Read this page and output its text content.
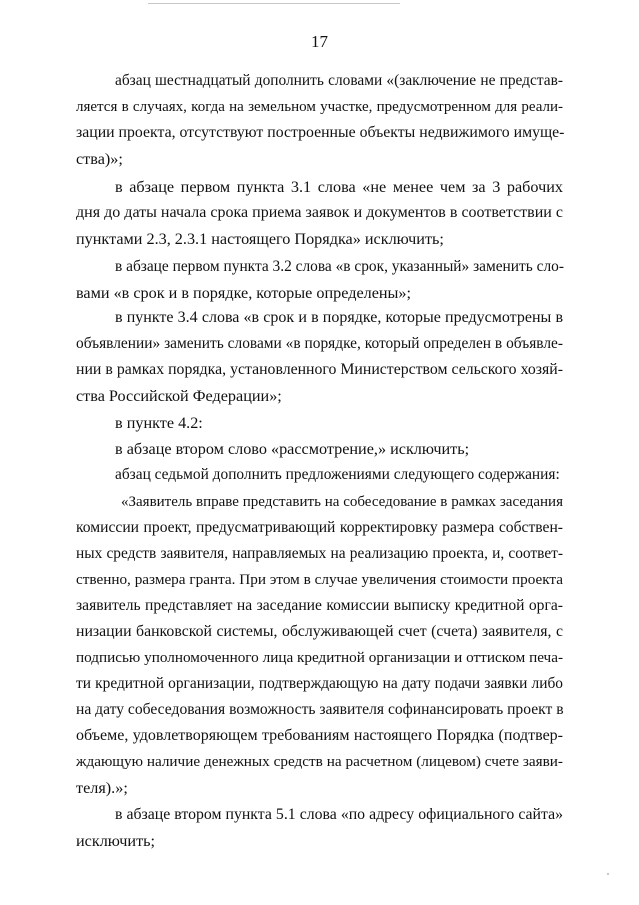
17
абзац шестнадцатый дополнить словами «(заключение не представ-
ляется в случаях, когда на земельном участке, предусмотренном для реали-
зации проекта, отсутствуют построенные объекты недвижимого имуще-
ства)»;
в абзаце первом пункта 3.1 слова «не менее чем за 3 рабочих
дня до даты начала срока приема заявок и документов в соответствии с
пунктами 2.3, 2.3.1 настоящего Порядка» исключить;
в абзаце первом пункта 3.2 слова «в срок, указанный» заменить сло-
вами «в срок и в порядке, которые определены»;
в пункте 3.4 слова «в срок и в порядке, которые предусмотрены в
объявлении» заменить словами «в порядке, который определен в объявле-
нии в рамках порядка, установленного Министерством сельского хозяй-
ства Российской Федерации»;
в пункте 4.2:
в абзаце втором слово «рассмотрение,» исключить;
абзац седьмой дополнить предложениями следующего содержания:
«Заявитель вправе представить на собеседование в рамках заседания
комиссии проект, предусматривающий корректировку размера собствен-
ных средств заявителя, направляемых на реализацию проекта, и, соответ-
ственно, размера гранта. При этом в случае увеличения стоимости проекта
заявитель представляет на заседание комиссии выписку кредитной орга-
низации банковской системы, обслуживающей счет (счета) заявителя, с
подписью уполномоченного лица кредитной организации и оттиском печа-
ти кредитной организации, подтверждающую на дату подачи заявки либо
на дату собеседования возможность заявителя софинансировать проект в
объеме, удовлетворяющем требованиям настоящего Порядка (подтвер-
ждающую наличие денежных средств на расчетном (лицевом) счете заяви-
теля).»;
в абзаце втором пункта 5.1 слова «по адресу официального сайта»
исключить;
